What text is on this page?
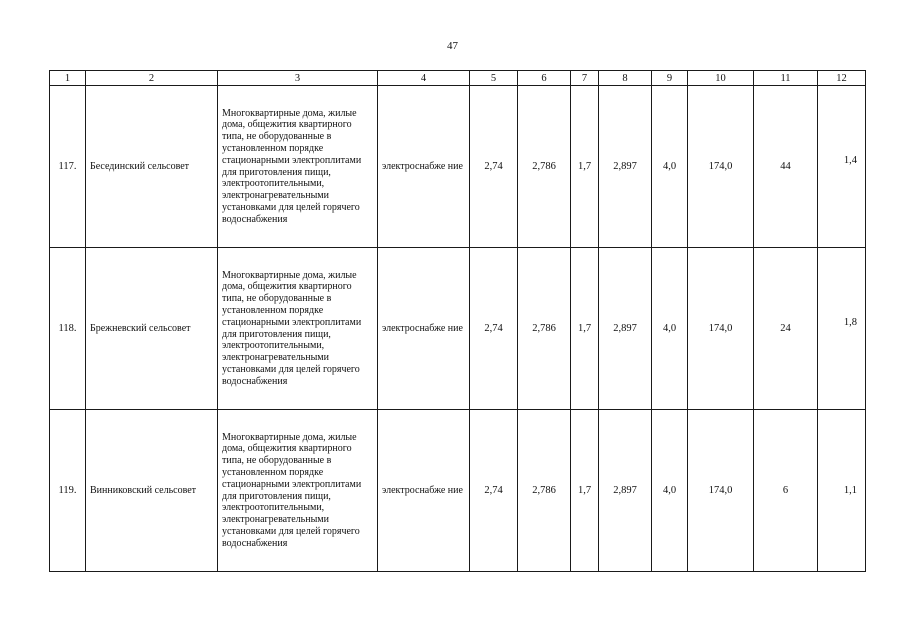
47
1	2	3	4	5	6	7	8	9	10	11	12
117.	Бесединский сельсовет	Многоквартирные дома, жилые дома, общежития квартирного типа, не оборудованные в установленном порядке стационарными электроплитами для приготовления пищи, электроотопительными, электронагревательными установками для целей горячего водоснабжения	электроснабже ние	2,74	2,786	1,7	2,897	4,0	174,0	44	1,4
118.	Брежневский сельсовет	Многоквартирные дома, жилые дома, общежития квартирного типа, не оборудованные в установленном порядке стационарными электроплитами для приготовления пищи, электроотопительными, электронагревательными установками для целей горячего водоснабжения	электроснабже ние	2,74	2,786	1,7	2,897	4,0	174,0	24	1,8
119.	Винниковский сельсовет	Многоквартирные дома, жилые дома, общежития квартирного типа, не оборудованные в установленном порядке стационарными электроплитами для приготовления пищи, электроотопительными, электронагревательными установками для целей горячего водоснабжения	электроснабже ние	2,74	2,786	1,7	2,897	4,0	174,0	6	1,1
